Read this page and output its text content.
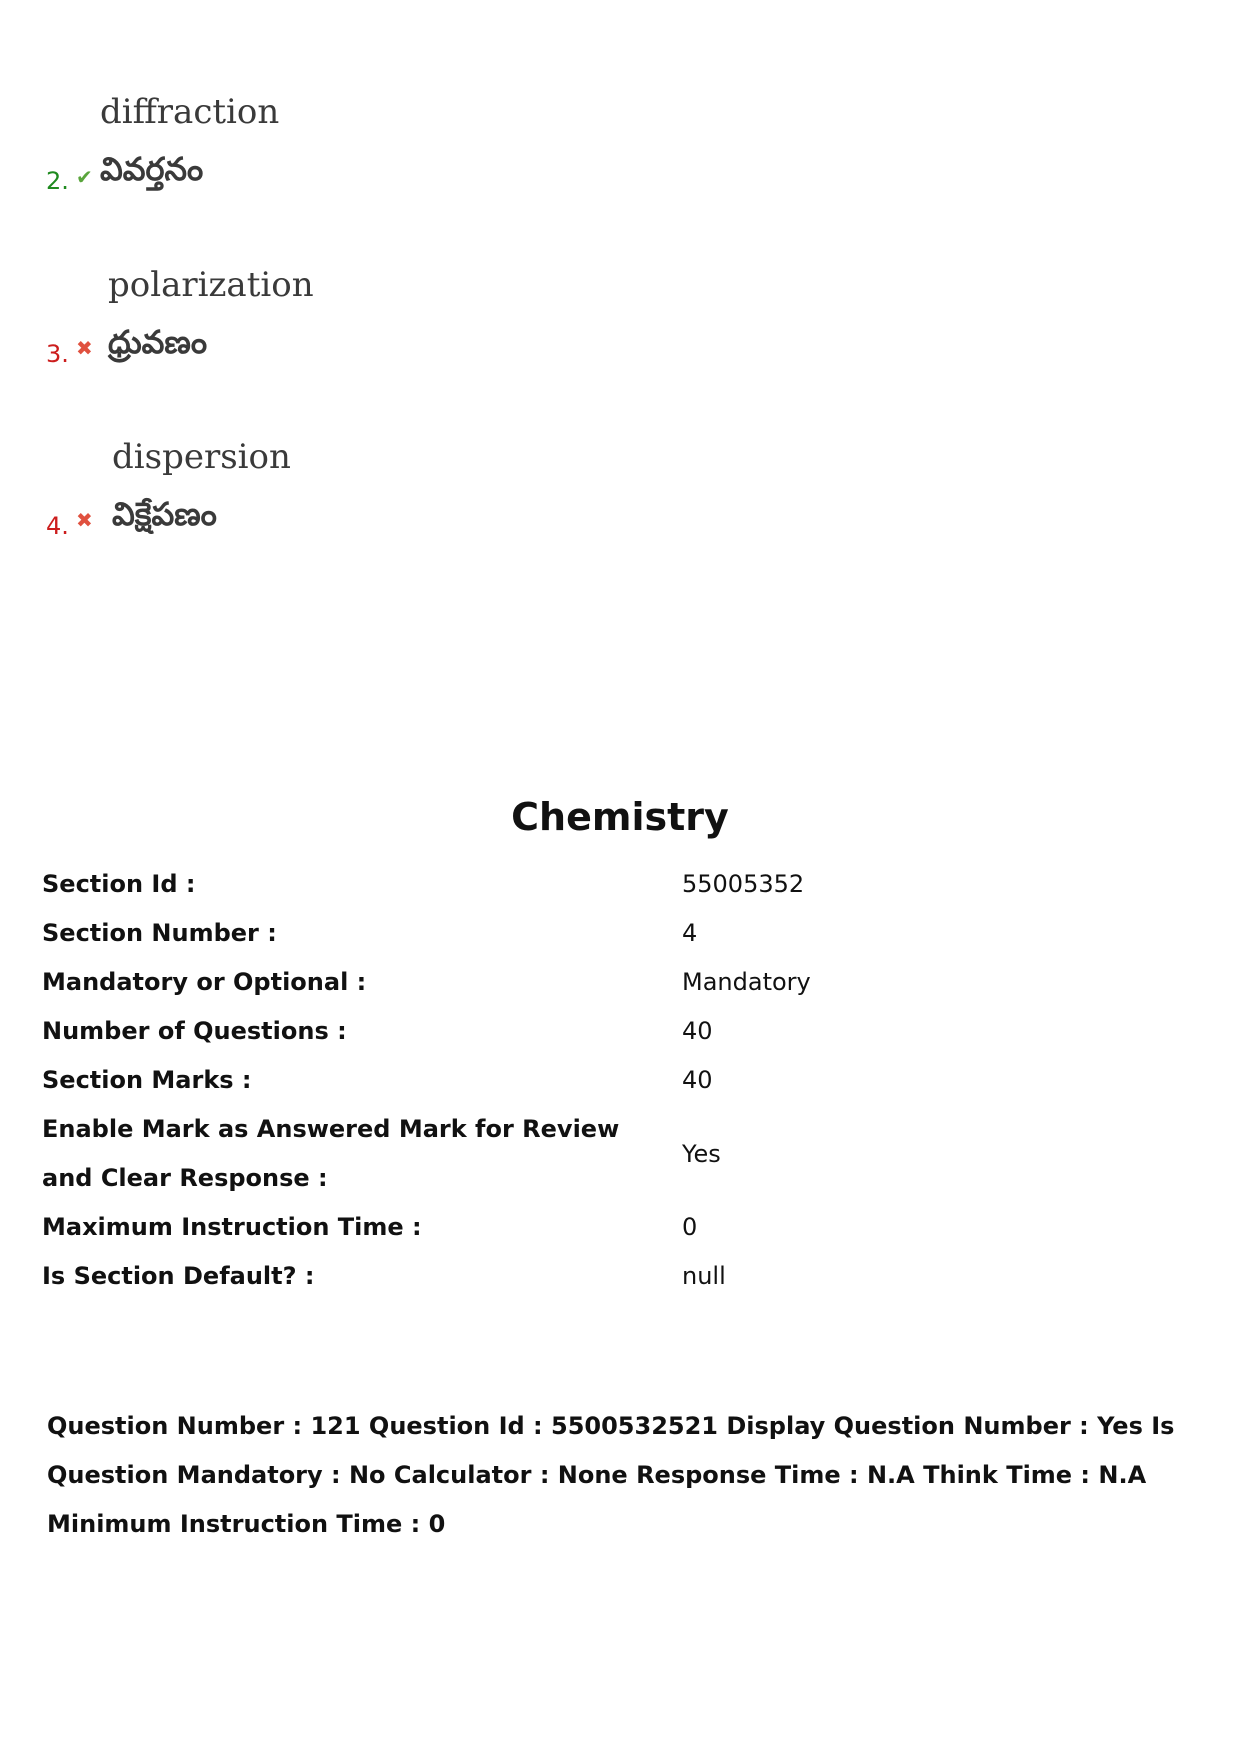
2. ✔
diffraction
వివర్తనం
3. ✖
polarization
ధ్రువణం
4. ✖
dispersion
విక్షేపణం
Chemistry
Section Id :	55005352
Section Number :	4
Mandatory or Optional :	Mandatory
Number of Questions :	40
Section Marks :	40
Enable Mark as Answered Mark for Review and Clear Response :
Yes
Maximum Instruction Time :	0
Is Section Default? :	null
Question Number : 121 Question Id : 5500532521 Display Question Number : Yes Is Question Mandatory : No Calculator : None Response Time : N.A Think Time : N.A Minimum Instruction Time : 0
